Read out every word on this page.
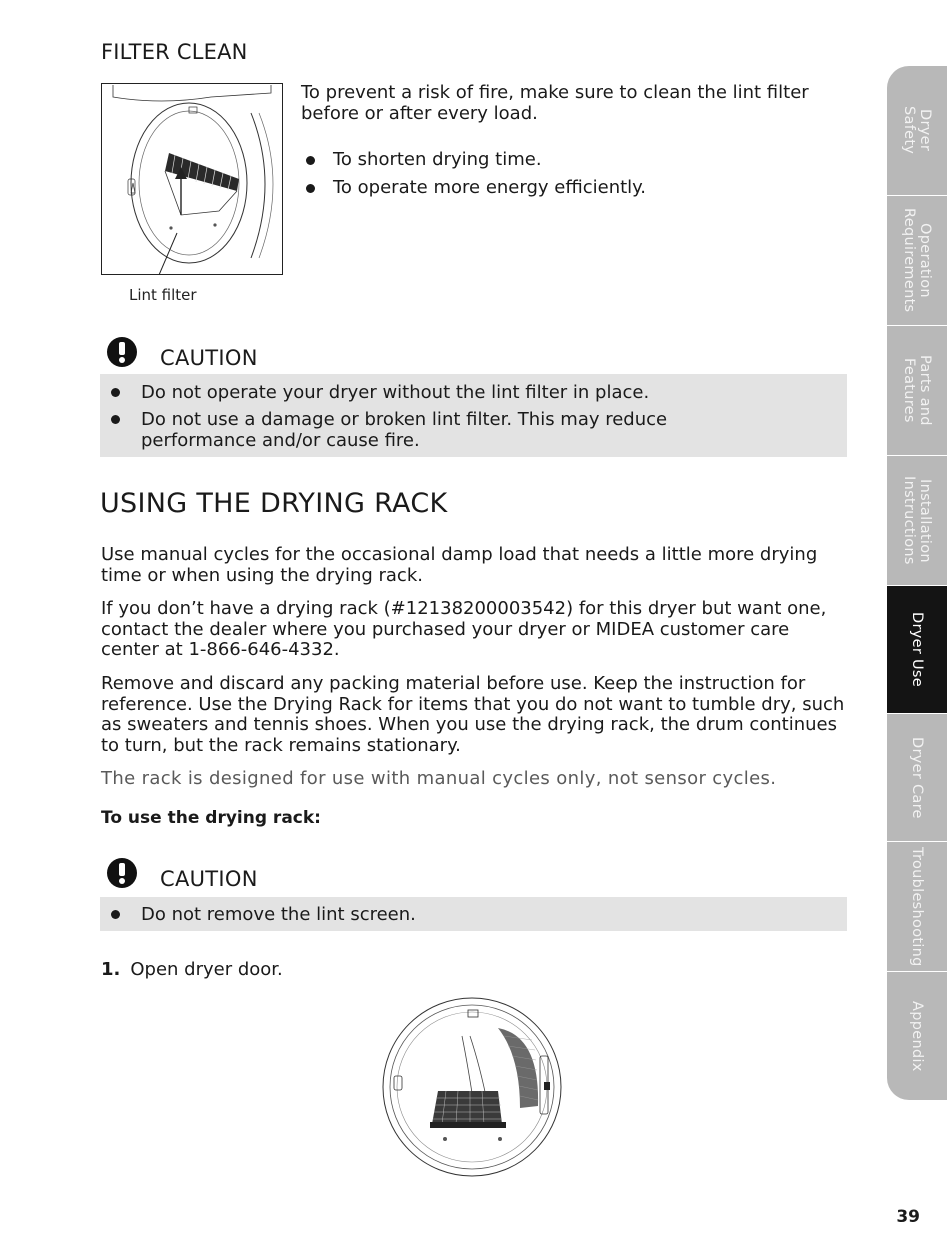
FILTER CLEAN
Lint filter
To prevent a risk of fire, make sure to clean the lint filter before or after every load.
To shorten drying time.
To operate more energy efficiently.
CAUTION
Do not operate your dryer without the lint filter in place.
Do not use a damage or broken lint filter. This may reduce performance and/or cause fire.
USING THE DRYING RACK

Use manual cycles for the occasional damp load that needs a little more drying time or when using the drying rack.

If you don’t have a drying rack (#12138200003542) for this dryer but want one, contact the dealer where you purchased your dryer or MIDEA customer care center at 1-866-646-4332.

Remove and discard any packing material before use. Keep the instruction for reference. Use the Drying Rack for items that you do not want to tumble dry, such as sweaters and tennis shoes. When you use the drying rack, the drum continues to turn, but the rack remains stationary.

The rack is designed for use with manual cycles only, not sensor cycles.

To use the drying rack:

CAUTION
Do not remove the lint screen.
1. Open dryer door.
Dryer
Safety
Operation
Requirements
Parts and
Features
Installation
Instructions
Dryer Use
Dryer Care
Troubleshooting
Appendix
39
